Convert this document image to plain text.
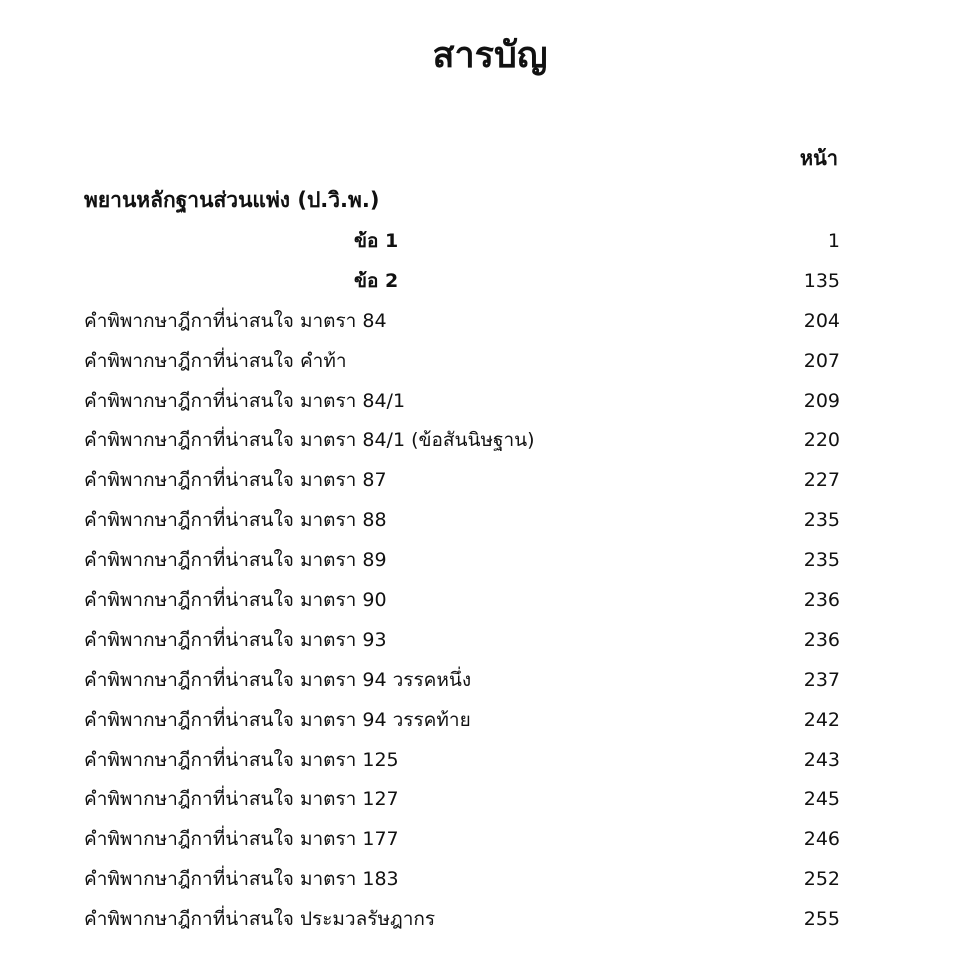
สารบัญ
หน้า
พยานหลักฐานส่วนแพ่ง (ป.วิ.พ.)
ข้อ 1	1
ข้อ 2	135
คำพิพากษาฎีกาที่น่าสนใจ มาตรา 84	204
คำพิพากษาฎีกาที่น่าสนใจ คำท้า	207
คำพิพากษาฎีกาที่น่าสนใจ มาตรา 84/1	209
คำพิพากษาฎีกาที่น่าสนใจ มาตรา 84/1 (ข้อสันนิษฐาน)	220
คำพิพากษาฎีกาที่น่าสนใจ มาตรา 87	227
คำพิพากษาฎีกาที่น่าสนใจ มาตรา 88	235
คำพิพากษาฎีกาที่น่าสนใจ มาตรา 89	235
คำพิพากษาฎีกาที่น่าสนใจ มาตรา 90	236
คำพิพากษาฎีกาที่น่าสนใจ มาตรา 93	236
คำพิพากษาฎีกาที่น่าสนใจ มาตรา 94 วรรคหนึ่ง	237
คำพิพากษาฎีกาที่น่าสนใจ มาตรา 94 วรรคท้าย	242
คำพิพากษาฎีกาที่น่าสนใจ มาตรา 125	243
คำพิพากษาฎีกาที่น่าสนใจ มาตรา 127	245
คำพิพากษาฎีกาที่น่าสนใจ มาตรา 177	246
คำพิพากษาฎีกาที่น่าสนใจ มาตรา 183	252
คำพิพากษาฎีกาที่น่าสนใจ ประมวลรัษฎากร	255
